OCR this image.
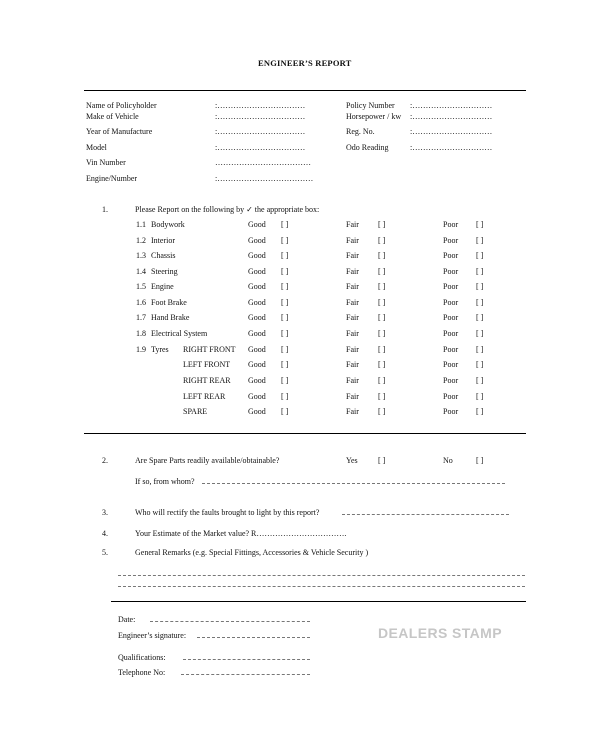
ENGINEER’S REPORT
Name of Policyholder	:……………………………
Make of Vehicle	:……………………………
Year of Manufacture	:……………………………
Model	:……………………………
Vin Number	………………………………
Engine/Number	:………………………………
Policy Number :…………………………
Horsepower / kw :…………………………
Reg. No.	:…………………………
Odo Reading	:…………………………
1.	Please Report on the following by ✓ the appropriate box:
1.1 Bodywork	Good [ ]	Fair [ ]	Poor [ ]
1.2 Interior	Good [ ]	Fair [ ]	Poor [ ]
1.3 Chassis	Good [ ]	Fair [ ]	Poor [ ]
1.4 Steering	Good [ ]	Fair [ ]	Poor [ ]
1.5 Engine	Good [ ]	Fair [ ]	Poor [ ]
1.6 Foot Brake	Good [ ]	Fair [ ]	Poor [ ]
1.7 Hand Brake	Good [ ]	Fair [ ]	Poor [ ]
1.8 Electrical System	Good [ ]	Fair [ ]	Poor [ ]
1.9 Tyres RIGHT FRONT Good [ ]	Fair [ ]	Poor [ ]
LEFT FRONT Good [ ]	Fair [ ]	Poor [ ]
RIGHT REAR Good [ ]	Fair [ ]	Poor [ ]
LEFT REAR	Good [ ]	Fair [ ]	Poor [ ]
SPARE	Good [ ]	Fair [ ]	Poor [ ]
2.	Are Spare Parts readily available/obtainable?	Yes	[ ]	No	[ ]
If so, from whom?
3.	Who will rectify the faults brought to light by this report?
4.	Your Estimate of the Market value? R…………………………….
5.	General Remarks (e.g. Special Fittings, Accessories & Vehicle Security )
Date:
Engineer’s signature:	DEALERS STAMP
Qualifications:
Telephone No:
